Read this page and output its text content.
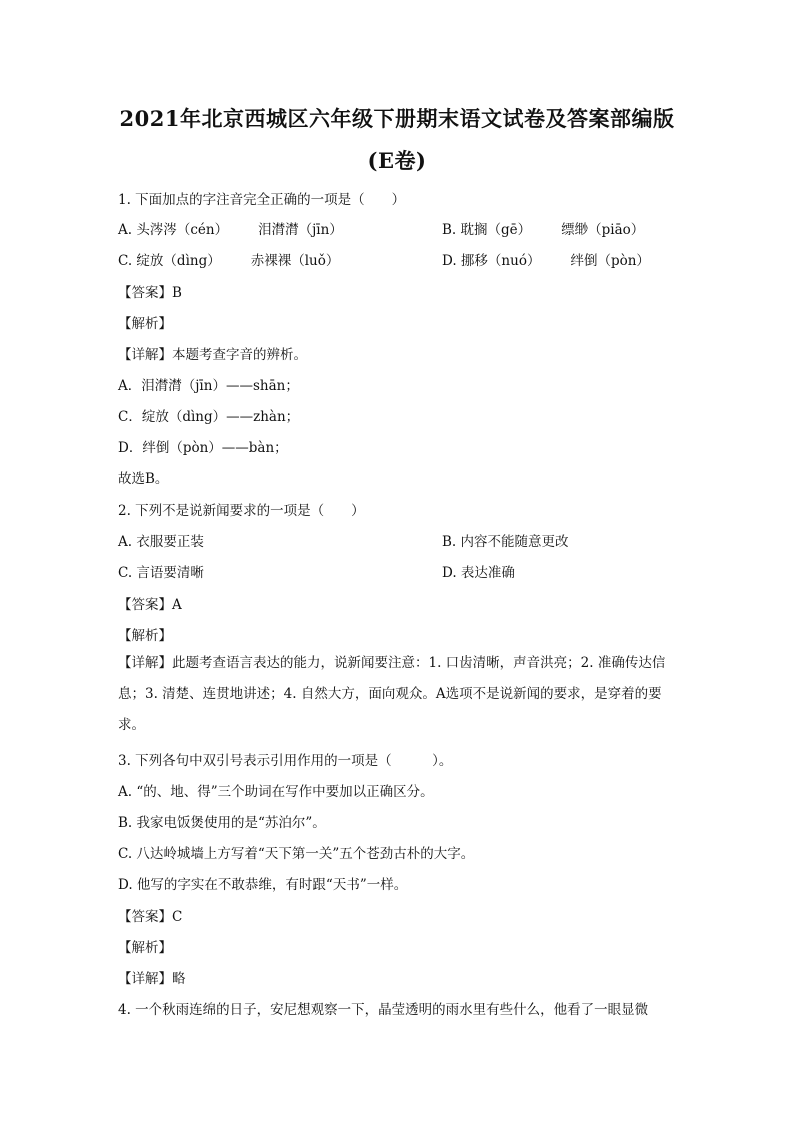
2021年北京西城区六年级下册期末语文试卷及答案部编版
(E卷)
1. 下面加点的字注音完全正确的一项是（　　）
A. 头涔涔（cén） 泪潸潸（jīn）	B. 耽搁（gē） 缥缈（piāo）
C. 绽放（dìng） 赤裸裸（luǒ）	D. 挪移（nuó） 绊倒（pòn）
【答案】B
【解析】
【详解】本题考查字音的辨析。
A．泪潸潸（jīn）——shān；
C．绽放（dìng）——zhàn；
D．绊倒（pòn）——bàn；
故选B。
2. 下列不是说新闻要求的一项是（　　）
A. 衣服要正装	B. 内容不能随意更改
C. 言语要清晰	D. 表达准确
【答案】A
【解析】
【详解】此题考查语言表达的能力，说新闻要注意：1. 口齿清晰，声音洪亮；2. 准确传达信息；3. 清楚、连贯地讲述；4. 自然大方，面向观众。A选项不是说新闻的要求，是穿着的要求。
3. 下列各句中双引号表示引用作用的一项是（　　　）。
A. “的、地、得”三个助词在写作中要加以正确区分。
B. 我家电饭煲使用的是“苏泊尔”。
C. 八达岭城墙上方写着“天下第一关”五个苍劲古朴的大字。
D. 他写的字实在不敢恭维，有时跟“天书”一样。
【答案】C
【解析】
【详解】略
4. 一个秋雨连绵的日子，安尼想观察一下，晶莹透明的雨水里有些什么，他看了一眼显微
